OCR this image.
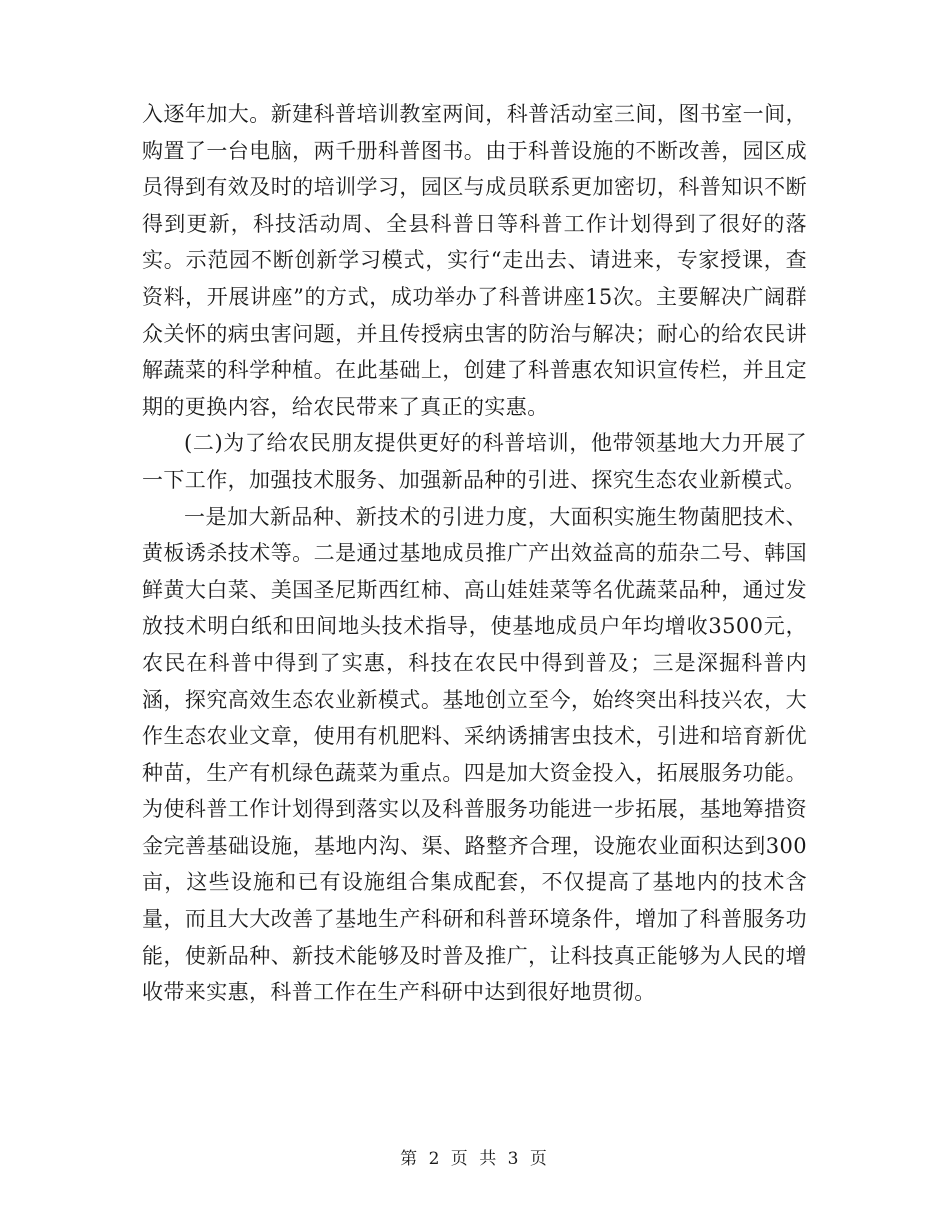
入逐年加大。新建科普培训教室两间，科普活动室三间，图书室一间，购置了一台电脑，两千册科普图书。由于科普设施的不断改善，园区成员得到有效及时的培训学习，园区与成员联系更加密切，科普知识不断得到更新，科技活动周、全县科普日等科普工作计划得到了很好的落实。示范园不断创新学习模式，实行“走出去、请进来，专家授课，查资料，开展讲座”的方式，成功举办了科普讲座15次。主要解决广阔群众关怀的病虫害问题，并且传授病虫害的防治与解决；耐心的给农民讲解蔬菜的科学种植。在此基础上，创建了科普惠农知识宣传栏，并且定期的更换内容，给农民带来了真正的实惠。

(二)为了给农民朋友提供更好的科普培训，他带领基地大力开展了一下工作，加强技术服务、加强新品种的引进、探究生态农业新模式。

一是加大新品种、新技术的引进力度，大面积实施生物菌肥技术、黄板诱杀技术等。二是通过基地成员推广产出效益高的茄杂二号、韩国鲜黄大白菜、美国圣尼斯西红柿、高山娃娃菜等名优蔬菜品种，通过发放技术明白纸和田间地头技术指导，使基地成员户年均增收3500元，农民在科普中得到了实惠，科技在农民中得到普及；三是深掘科普内涵，探究高效生态农业新模式。基地创立至今，始终突出科技兴农，大作生态农业文章，使用有机肥料、采纳诱捕害虫技术，引进和培育新优种苗，生产有机绿色蔬菜为重点。四是加大资金投入，拓展服务功能。为使科普工作计划得到落实以及科普服务功能进一步拓展，基地筹措资金完善基础设施，基地内沟、渠、路整齐合理，设施农业面积达到300亩，这些设施和已有设施组合集成配套，不仅提高了基地内的技术含量，而且大大改善了基地生产科研和科普环境条件，增加了科普服务功能，使新品种、新技术能够及时普及推广，让科技真正能够为人民的增收带来实惠，科普工作在生产科研中达到很好地贯彻。

第 2 页 共 3 页
